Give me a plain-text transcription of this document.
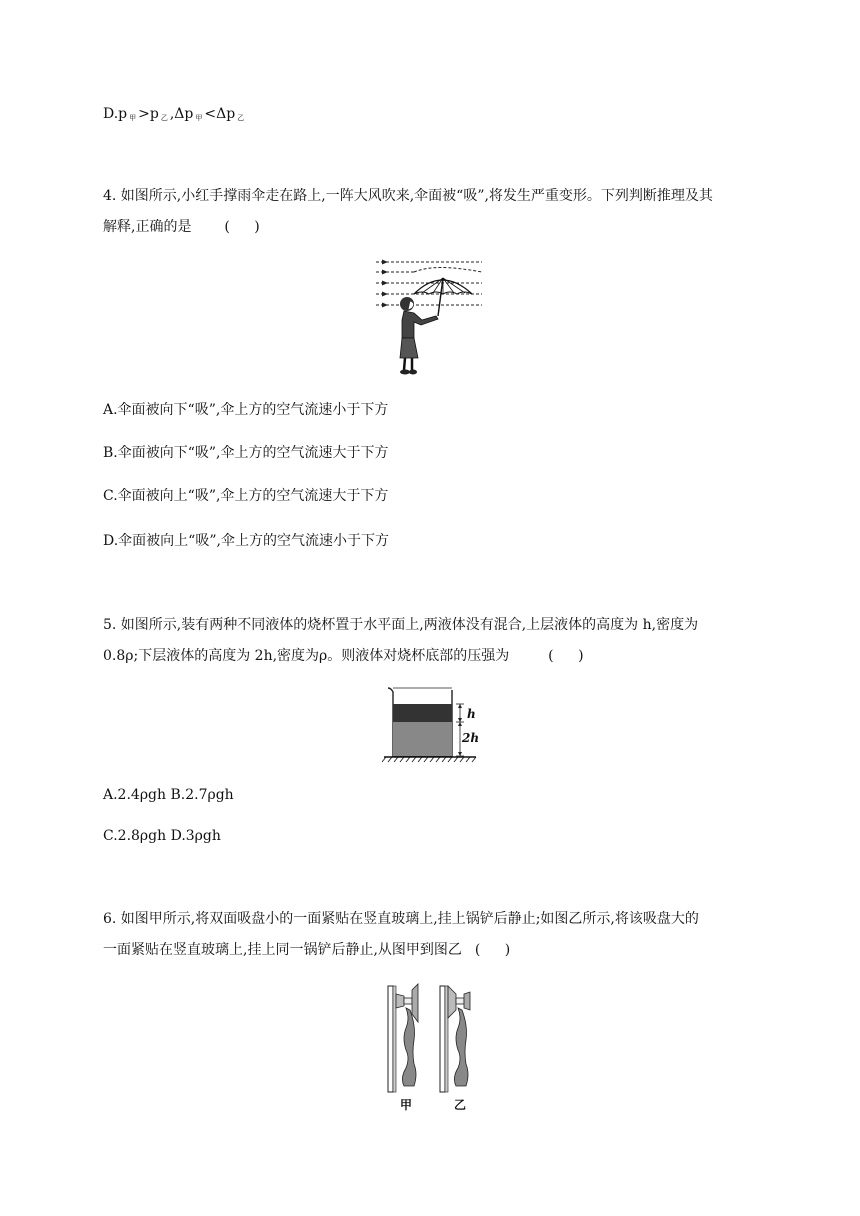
D.p $_甲$ >p $_乙$ ,Δp $_甲$ <Δp $_乙$
4. 如图所示,小红手撑雨伞走在路上,一阵大风吹来,伞面被“吸”,将发生严重变形。下列判断推理及其
解释,正确的是 ( )
A.伞面被向下“吸”,伞上方的空气流速小于下方
B.伞面被向下“吸”,伞上方的空气流速大于下方
C.伞面被向上“吸”,伞上方的空气流速大于下方
D.伞面被向上“吸”,伞上方的空气流速小于下方
5. 如图所示,装有两种不同液体的烧杯置于水平面上,两液体没有混合,上层液体的高度为 h,密度为
0.8ρ;下层液体的高度为 2h,密度为ρ。则液体对烧杯底部的压强为	( )
h
2h
A.2.4ρgh B.2.7ρgh
C.2.8ρgh D.3ρgh
6. 如图甲所示,将双面吸盘小的一面紧贴在竖直玻璃上,挂上锅铲后静止;如图乙所示,将该吸盘大的
一面紧贴在竖直玻璃上,挂上同一锅铲后静止,从图甲到图乙 ( )
甲	乙
